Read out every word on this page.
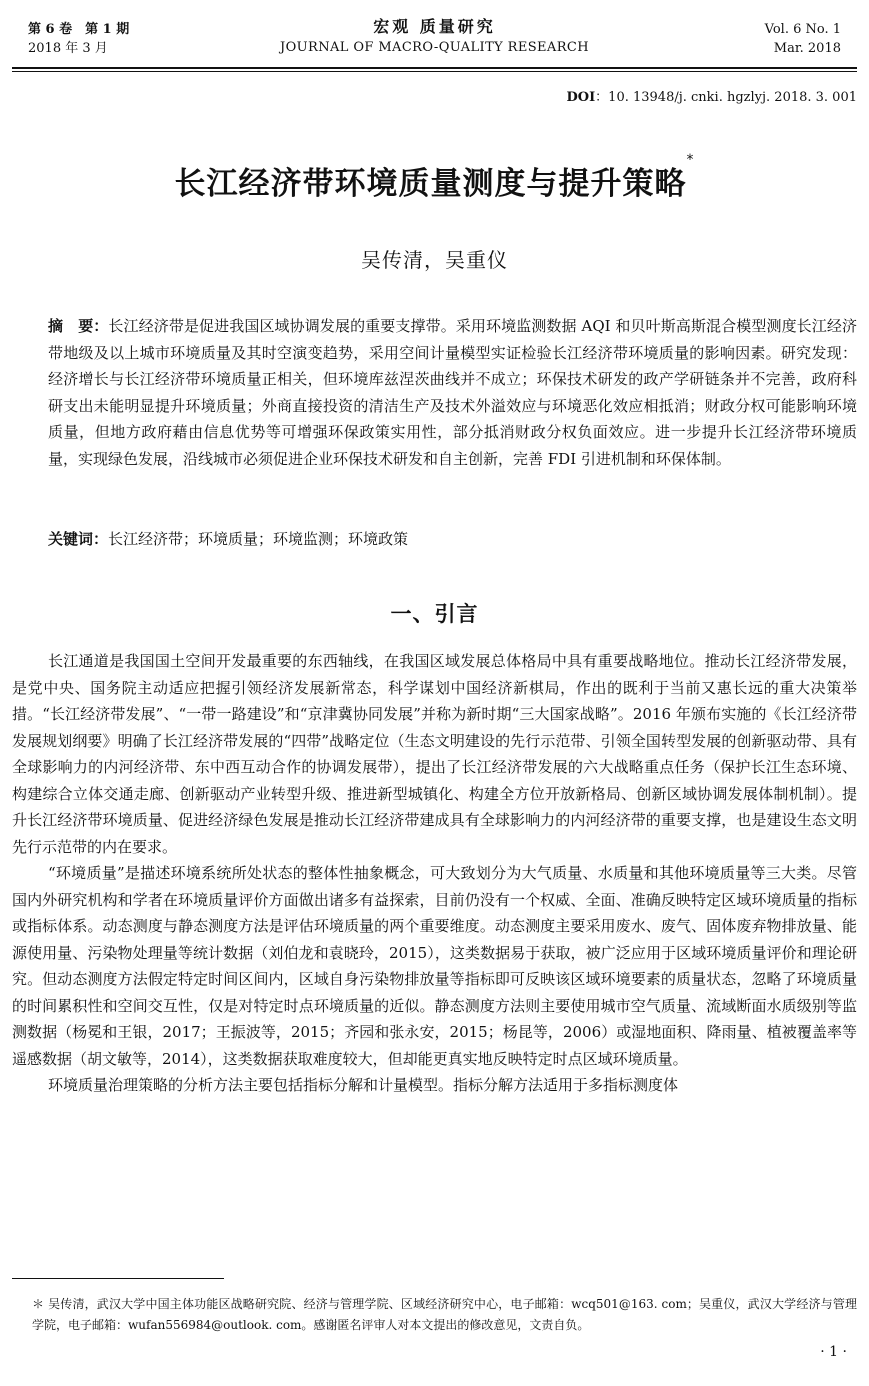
第 6 卷　第 1 期
2018 年 3 月
宏观 质量研究
JOURNAL OF MACRO-QUALITY RESEARCH
Vol. 6 No. 1
Mar. 2018
DOI：10. 13948/j. cnki. hgzlyj. 2018. 3. 001
长江经济带环境质量测度与提升策略*
吴传清，吴重仪
摘　要：长江经济带是促进我国区域协调发展的重要支撑带。采用环境监测数据 AQI 和贝叶斯高斯混合模型测度长江经济带地级及以上城市环境质量及其时空演变趋势，采用空间计量模型实证检验长江经济带环境质量的影响因素。研究发现：经济增长与长江经济带环境质量正相关，但环境库兹涅茨曲线并不成立；环保技术研发的政产学研链条并不完善，政府科研支出未能明显提升环境质量；外商直接投资的清洁生产及技术外溢效应与环境恶化效应相抵消；财政分权可能影响环境质量，但地方政府藉由信息优势等可增强环保政策实用性，部分抵消财政分权负面效应。进一步提升长江经济带环境质量，实现绿色发展，沿线城市必须促进企业环保技术研发和自主创新，完善 FDI 引进机制和环保体制。
关键词：长江经济带；环境质量；环境监测；环境政策
一、引言

长江通道是我国国土空间开发最重要的东西轴线，在我国区域发展总体格局中具有重要战略地位。推动长江经济带发展，是党中央、国务院主动适应把握引领经济发展新常态，科学谋划中国经济新棋局，作出的既利于当前又惠长远的重大决策举措。“长江经济带发展”、“一带一路建设”和“京津冀协同发展”并称为新时期“三大国家战略”。2016 年颁布实施的《长江经济带发展规划纲要》明确了长江经济带发展的“四带”战略定位（生态文明建设的先行示范带、引领全国转型发展的创新驱动带、具有全球影响力的内河经济带、东中西互动合作的协调发展带），提出了长江经济带发展的六大战略重点任务（保护长江生态环境、构建综合立体交通走廊、创新驱动产业转型升级、推进新型城镇化、构建全方位开放新格局、创新区域协调发展体制机制）。提升长江经济带环境质量、促进经济绿色发展是推动长江经济带建成具有全球影响力的内河经济带的重要支撑，也是建设生态文明先行示范带的内在要求。

“环境质量”是描述环境系统所处状态的整体性抽象概念，可大致划分为大气质量、水质量和其他环境质量等三大类。尽管国内外研究机构和学者在环境质量评价方面做出诸多有益探索，目前仍没有一个权威、全面、准确反映特定区域环境质量的指标或指标体系。动态测度与静态测度方法是评估环境质量的两个重要维度。动态测度主要采用废水、废气、固体废弃物排放量、能源使用量、污染物处理量等统计数据（刘伯龙和袁晓玲，2015），这类数据易于获取，被广泛应用于区域环境质量评价和理论研究。但动态测度方法假定特定时间区间内，区域自身污染物排放量等指标即可反映该区域环境要素的质量状态，忽略了环境质量的时间累积性和空间交互性，仅是对特定时点环境质量的近似。静态测度方法则主要使用城市空气质量、流域断面水质级别等监测数据（杨冕和王银，2017；王振波等，2015；齐园和张永安，2015；杨昆等，2006）或湿地面积、降雨量、植被覆盖率等遥感数据（胡文敏等，2014），这类数据获取难度较大，但却能更真实地反映特定时点区域环境质量。

环境质量治理策略的分析方法主要包括指标分解和计量模型。指标分解方法适用于多指标测度体

＊ 吴传清，武汉大学中国主体功能区战略研究院、经济与管理学院、区域经济研究中心，电子邮箱：wcq501@163. com；吴重仪，武汉大学经济与管理学院，电子邮箱：wufan556984@outlook. com。感谢匿名评审人对本文提出的修改意见，文责自负。
· 1 ·
